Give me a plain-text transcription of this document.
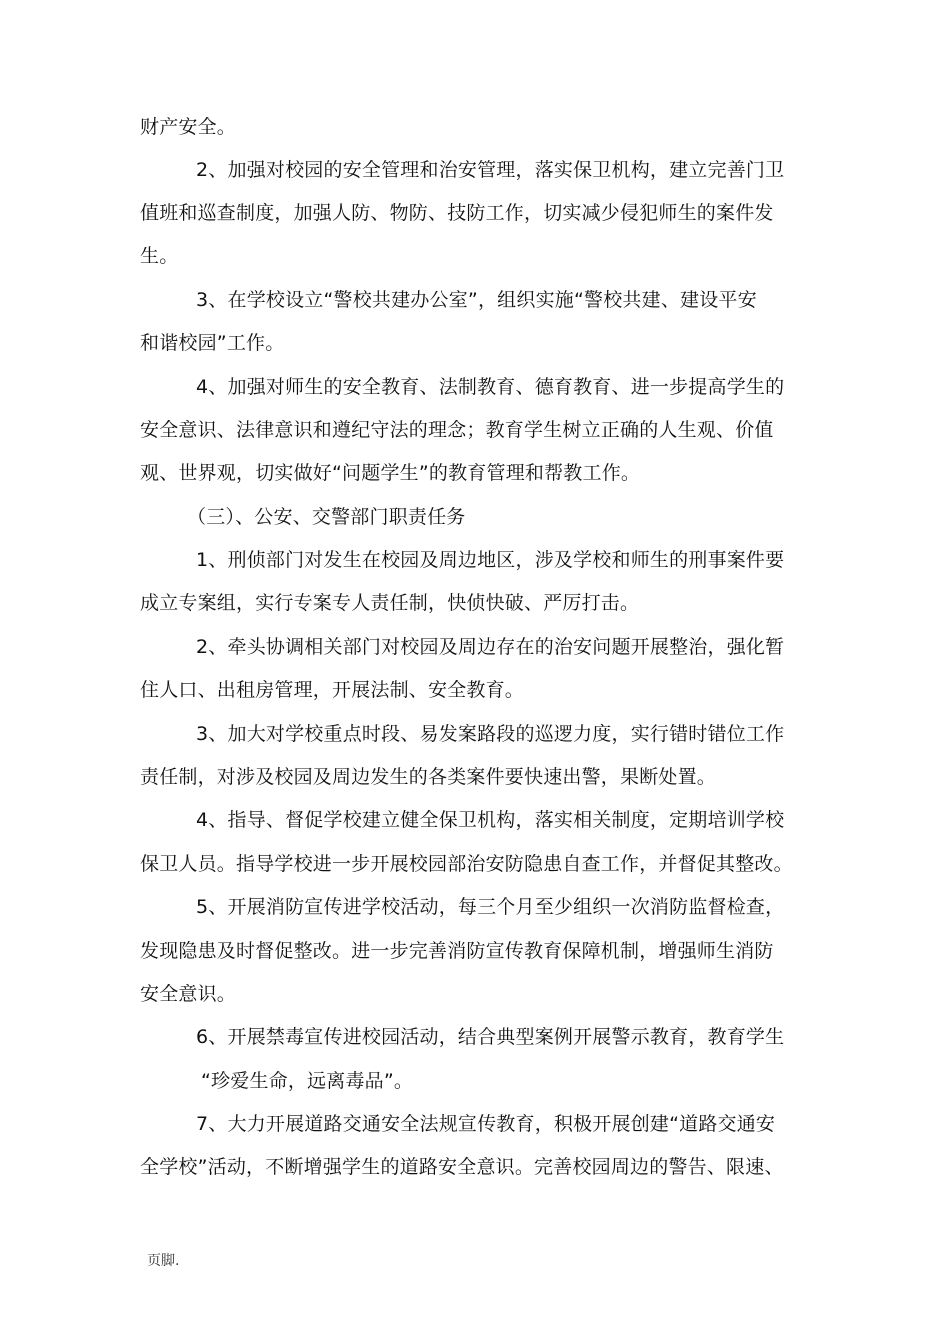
财产安全。
2、加强对校园的安全管理和治安管理，落实保卫机构，建立完善门卫
值班和巡查制度，加强人防、物防、技防工作，切实减少侵犯师生的案件发
生。
3、在学校设立“警校共建办公室”，组织实施“警校共建、建设平安
和谐校园”工作。
4、加强对师生的安全教育、法制教育、德育教育、进一步提高学生的
安全意识、法律意识和遵纪守法的理念；教育学生树立正确的人生观、价值
观、世界观，切实做好“问题学生”的教育管理和帮教工作。
（三）、公安、交警部门职责任务
1、刑侦部门对发生在校园及周边地区，涉及学校和师生的刑事案件要
成立专案组，实行专案专人责任制，快侦快破、严厉打击。
2、牵头协调相关部门对校园及周边存在的治安问题开展整治，强化暂
住人口、出租房管理，开展法制、安全教育。
3、加大对学校重点时段、易发案路段的巡逻力度，实行错时错位工作
责任制，对涉及校园及周边发生的各类案件要快速出警，果断处置。
4、指导、督促学校建立健全保卫机构，落实相关制度，定期培训学校
保卫人员。指导学校进一步开展校园部治安防隐患自查工作，并督促其整改。
5、开展消防宣传进学校活动，每三个月至少组织一次消防监督检查，
发现隐患及时督促整改。进一步完善消防宣传教育保障机制，增强师生消防
安全意识。
6、开展禁毒宣传进校园活动，结合典型案例开展警示教育，教育学生
“珍爱生命，远离毒品”。
7、大力开展道路交通安全法规宣传教育，积极开展创建“道路交通安
全学校”活动，不断增强学生的道路安全意识。完善校园周边的警告、限速、
页脚.
